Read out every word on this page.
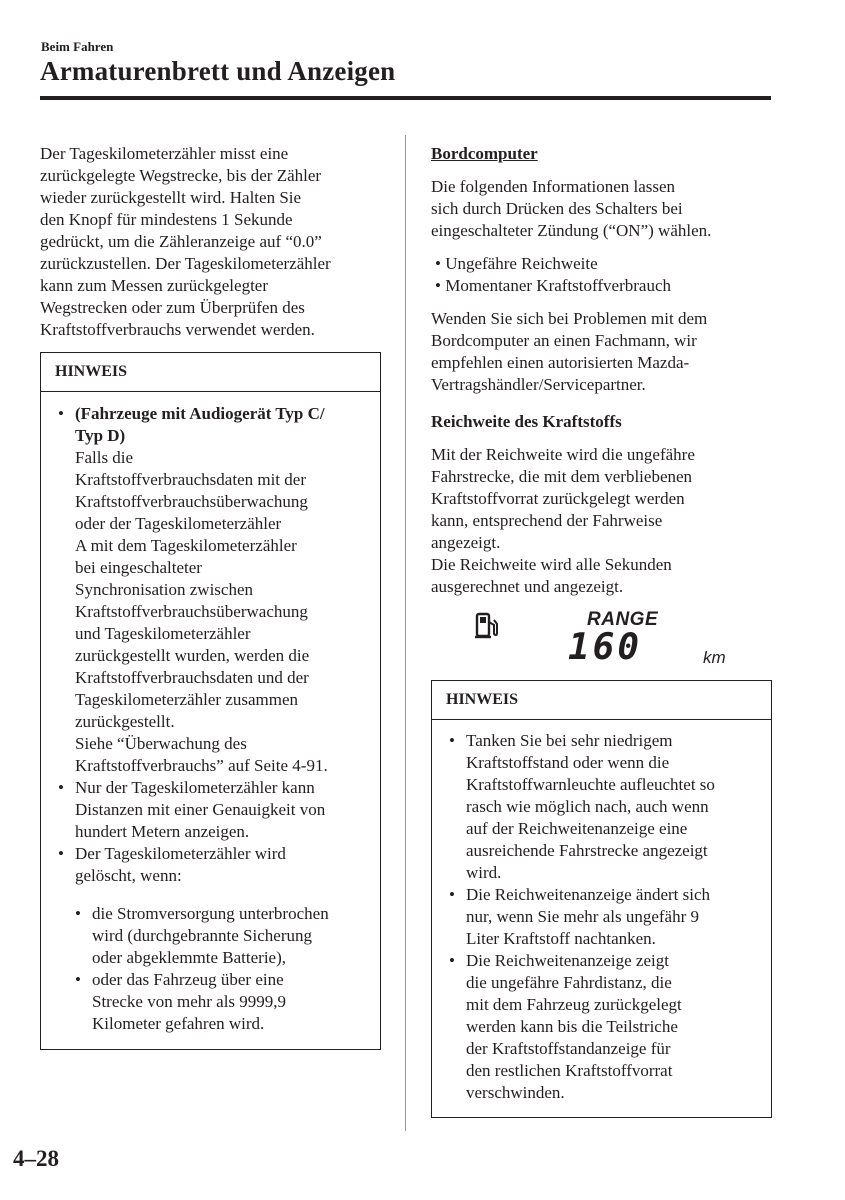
Beim Fahren
Armaturenbrett und Anzeigen
Der Tageskilometerzähler misst eine
zurückgelegte Wegstrecke, bis der Zähler
wieder zurückgestellt wird. Halten Sie
den Knopf für mindestens 1 Sekunde
gedrückt, um die Zähleranzeige auf “0.0”
zurückzustellen. Der Tageskilometerzähler
kann zum Messen zurückgelegter
Wegstrecken oder zum Überprüfen des
Kraftstoffverbrauchs verwendet werden.
HINWEIS
• (Fahrzeuge mit Audiogerät Typ C/
Typ D)
Falls die
Kraftstoffverbrauchsdaten mit der
Kraftstoffverbrauchsüberwachung
oder der Tageskilometerzähler
A mit dem Tageskilometerzähler
bei eingeschalteter
Synchronisation zwischen
Kraftstoffverbrauchsüberwachung
und Tageskilometerzähler
zurückgestellt wurden, werden die
Kraftstoffverbrauchsdaten und der
Tageskilometerzähler zusammen
zurückgestellt.
Siehe “Überwachung des
Kraftstoffverbrauchs” auf Seite 4-91.
• Nur der Tageskilometerzähler kann
Distanzen mit einer Genauigkeit von
hundert Metern anzeigen.
• Der Tageskilometerzähler wird
gelöscht, wenn:
• die Stromversorgung unterbrochen
wird (durchgebrannte Sicherung
oder abgeklemmte Batterie),
• oder das Fahrzeug über eine
Strecke von mehr als 9999,9
Kilometer gefahren wird.
Bordcomputer
Die folgenden Informationen lassen
sich durch Drücken des Schalters bei
eingeschalteter Zündung (“ON”) wählen.
• Ungefähre Reichweite
• Momentaner Kraftstoffverbrauch
Wenden Sie sich bei Problemen mit dem
Bordcomputer an einen Fachmann, wir
empfehlen einen autorisierten Mazda-
Vertragshändler/Servicepartner.
Reichweite des Kraftstoffs
Mit der Reichweite wird die ungefähre
Fahrstrecke, die mit dem verbliebenen
Kraftstoffvorrat zurückgelegt werden
kann, entsprechend der Fahrweise
angezeigt.
Die Reichweite wird alle Sekunden
ausgerechnet und angezeigt.
RANGE
160	km
HINWEIS
• Tanken Sie bei sehr niedrigem
Kraftstoffstand oder wenn die
Kraftstoffwarnleuchte aufleuchtet so
rasch wie möglich nach, auch wenn
auf der Reichweitenanzeige eine
ausreichende Fahrstrecke angezeigt
wird.
• Die Reichweitenanzeige ändert sich
nur, wenn Sie mehr als ungefähr 9
Liter Kraftstoff nachtanken.
• Die Reichweitenanzeige zeigt
die ungefähre Fahrdistanz, die
mit dem Fahrzeug zurückgelegt
werden kann bis die Teilstriche
der Kraftstoffstandanzeige für
den restlichen Kraftstoffvorrat
verschwinden.
4–28
